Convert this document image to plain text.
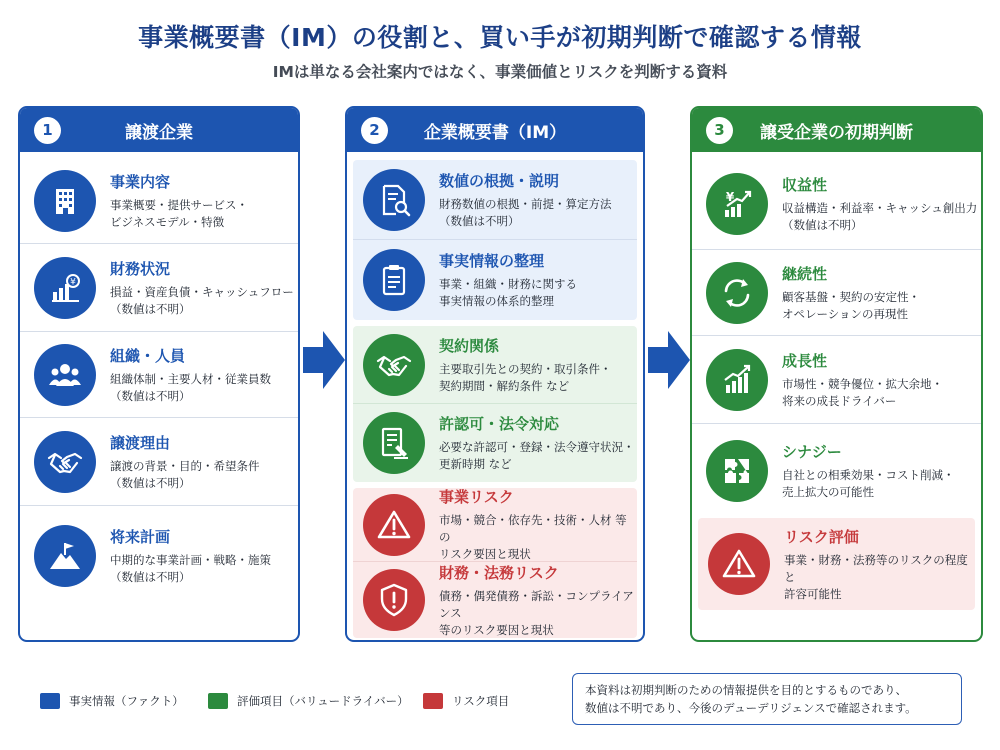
事業概要書（IM）の役割と、買い手が初期判断で確認する情報
IMは単なる会社案内ではなく、事業価値とリスクを判断する資料
1	譲渡企業
事業内容
事業概要・提供サービス・
ビジネスモデル・特徴
¥
財務状況
損益・資産負債・キャッシュフロー
（数値は不明）
組織・人員
組織体制・主要人材・従業員数
（数値は不明）
譲渡理由
譲渡の背景・目的・希望条件
（数値は不明）
将来計画
中期的な事業計画・戦略・施策
（数値は不明）
2	企業概要書（IM）
数値の根拠・説明
財務数値の根拠・前提・算定方法
（数値は不明）
事実情報の整理
事業・組織・財務に関する
事実情報の体系的整理
契約関係
主要取引先との契約・取引条件・
契約期間・解約条件 など
許認可・法令対応
必要な許認可・登録・法令遵守状況・
更新時期 など
事業リスク
市場・競合・依存先・技術・人材 等の
リスク要因と現状
財務・法務リスク
債務・偶発債務・訴訟・コンプライアンス
等のリスク要因と現状
3	譲受企業の初期判断
¥
収益性
収益構造・利益率・キャッシュ創出力
（数値は不明）
継続性
顧客基盤・契約の安定性・
オペレーションの再現性
成長性
市場性・競争優位・拡大余地・
将来の成長ドライバー
シナジー
自社との相乗効果・コスト削減・
売上拡大の可能性
リスク評価
事業・財務・法務等のリスクの程度と
許容可能性
事実情報（ファクト）	評価項目（バリュードライバー）	リスク項目
本資料は初期判断のための情報提供を目的とするものであり、
数値は不明であり、今後のデューデリジェンスで確認されます。
